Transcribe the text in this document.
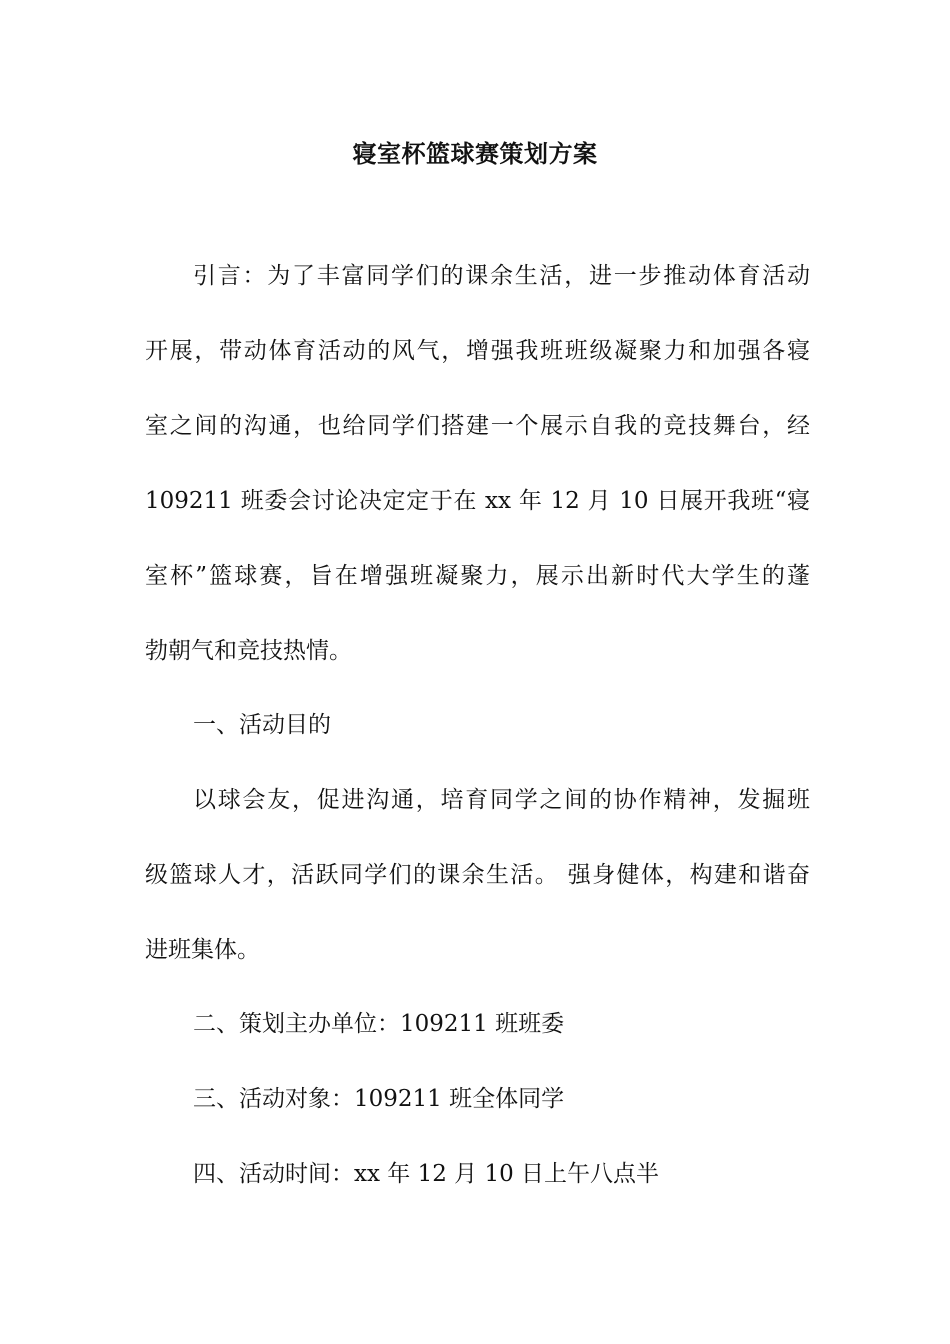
寝室杯篮球赛策划方案
引言：为了丰富同学们的课余生活，进一步推动体育活动
开展，带动体育活动的风气，增强我班班级凝聚力和加强各寝
室之间的沟通，也给同学们搭建一个展示自我的竞技舞台，经
109211 班委会讨论决定定于在 xx 年 12 月 10 日展开我班“寝
室杯”篮球赛，旨在增强班凝聚力，展示出新时代大学生的蓬
勃朝气和竞技热情。
一、活动目的
以球会友，促进沟通，培育同学之间的协作精神，发掘班
级篮球人才，活跃同学们的课余生活。 强身健体，构建和谐奋
进班集体。
二、策划主办单位：109211 班班委
三、活动对象：109211 班全体同学
四、活动时间：xx 年 12 月 10 日上午八点半
